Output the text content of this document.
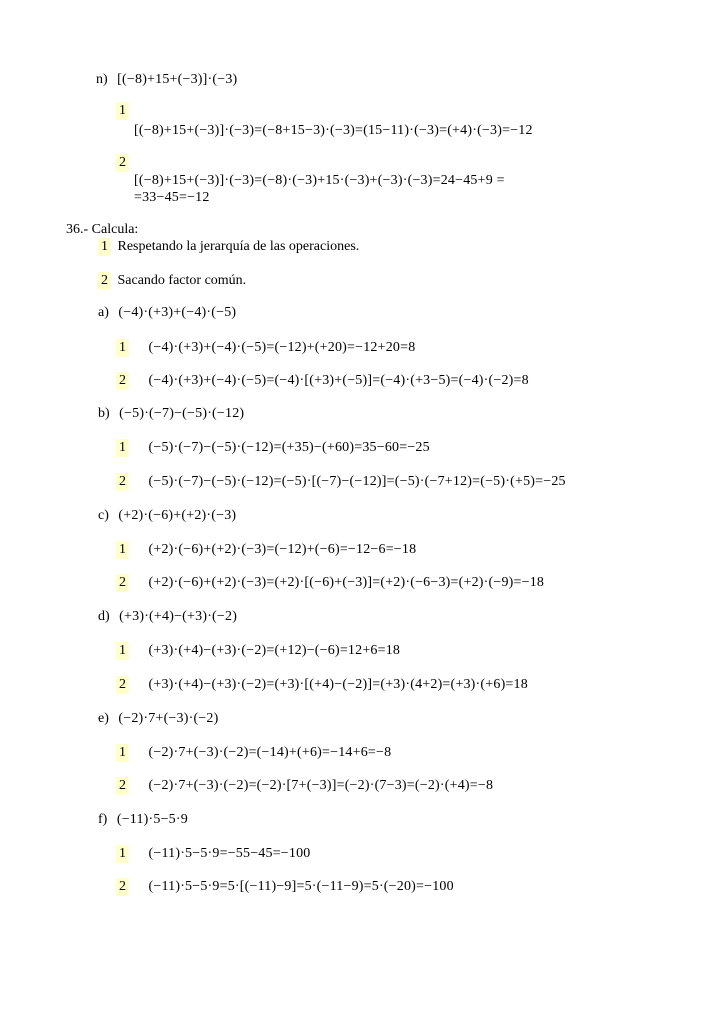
n) [(−8)+15+(−3)]·(−3)
1
[(−8)+15+(−3)]·(−3)=(−8+15−3)·(−3)=(15−11)·(−3)=(+4)·(−3)=−12
2
[(−8)+15+(−3)]·(−3)=(−8)·(−3)+15·(−3)+(−3)·(−3)=24−45+9 =
=33−45=−12
36.- Calcula:
1 Respetando la jerarquía de las operaciones.
2 Sacando factor común.
a) (−4)·(+3)+(−4)·(−5)
1 (−4)·(+3)+(−4)·(−5)=(−12)+(+20)=−12+20=8
2 (−4)·(+3)+(−4)·(−5)=(−4)·[(+3)+(−5)]=(−4)·(+3−5)=(−4)·(−2)=8
b) (−5)·(−7)−(−5)·(−12)
1 (−5)·(−7)−(−5)·(−12)=(+35)−(+60)=35−60=−25
2 (−5)·(−7)−(−5)·(−12)=(−5)·[(−7)−(−12)]=(−5)·(−7+12)=(−5)·(+5)=−25
c) (+2)·(−6)+(+2)·(−3)
1 (+2)·(−6)+(+2)·(−3)=(−12)+(−6)=−12−6=−18
2 (+2)·(−6)+(+2)·(−3)=(+2)·[(−6)+(−3)]=(+2)·(−6−3)=(+2)·(−9)=−18
d) (+3)·(+4)−(+3)·(−2)
1 (+3)·(+4)−(+3)·(−2)=(+12)−(−6)=12+6=18
2 (+3)·(+4)−(+3)·(−2)=(+3)·[(+4)−(−2)]=(+3)·(4+2)=(+3)·(+6)=18
e) (−2)·7+(−3)·(−2)
1 (−2)·7+(−3)·(−2)=(−14)+(+6)=−14+6=−8
2 (−2)·7+(−3)·(−2)=(−2)·[7+(−3)]=(−2)·(7−3)=(−2)·(+4)=−8
f) (−11)·5−5·9
1 (−11)·5−5·9=−55−45=−100
2 (−11)·5−5·9=5·[(−11)−9]=5·(−11−9)=5·(−20)=−100
